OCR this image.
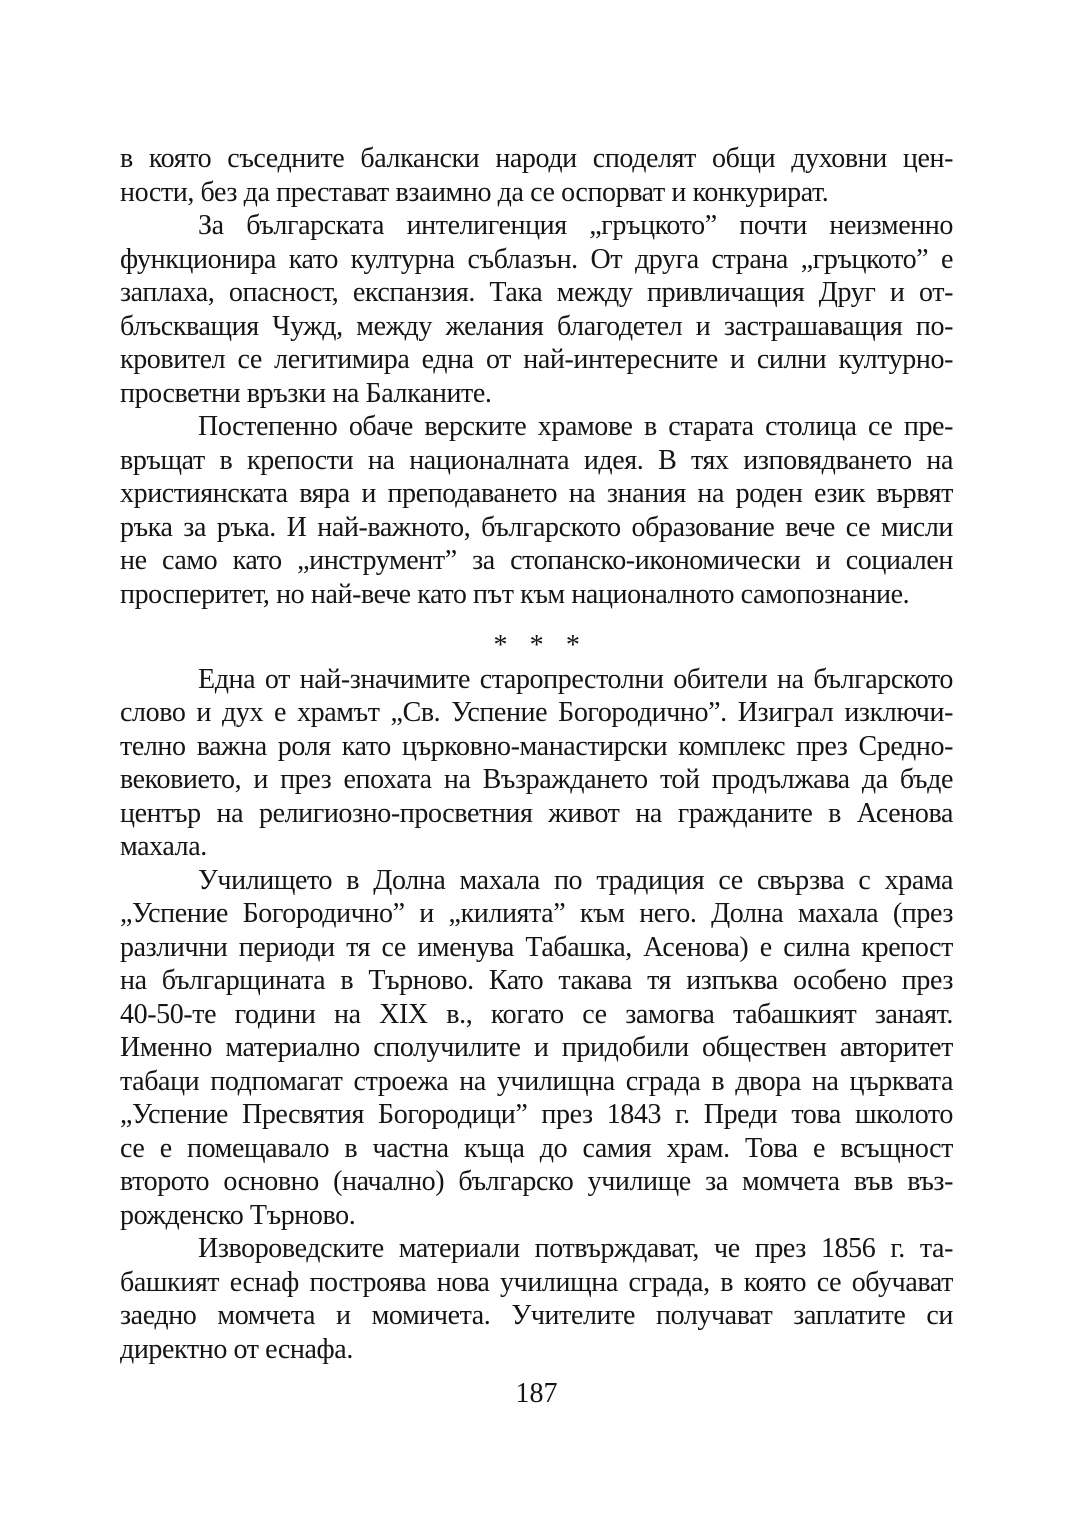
в която съседните балкански народи споделят общи духовни цен-
ности, без да престават взаимно да се оспорват и конкурират.
За българската интелигенция „гръцкото” почти неизменно
функционира като културна съблазън. От друга страна „гръцкото” е
заплаха, опасност, експанзия. Така между привличащия Друг и от-
блъскващия Чужд, между желания благодетел и застрашаващия по-
кровител се легитимира една от най-интересните и силни културно-
просветни връзки на Балканите.
Постепенно обаче верските храмове в старата столица се пре-
връщат в крепости на националната идея. В тях изповядването на
християнската вяра и преподаването на знания на роден език вървят
ръка за ръка. И най-важното, българското образование вече се мисли
не само като „инструмент” за стопанско-икономически и социален
просперитет, но най-вече като път към националното самопознание.
* * *
Една от най-значимите старопрестолни обители на българското
слово и дух е храмът „Св. Успение Богородично”. Изиграл изключи-
телно важна роля като църковно-манастирски комплекс през Средно-
вековието, и през епохата на Възраждането той продължава да бъде
център на религиозно-просветния живот на гражданите в Асенова
махала.
Училището в Долна махала по традиция се свързва с храма
„Успение Богородично” и „килията” към него. Долна махала (през
различни периоди тя се именува Табашка, Асенова) е силна крепост
на българщината в Търново. Като такава тя изпъква особено през
40-50-те години на XIX в., когато се замогва табашкият занаят.
Именно материално сполучилите и придобили обществен авторитет
табаци подпомагат строежа на училищна сграда в двора на църквата
„Успение Пресвятия Богородици” през 1843 г. Преди това школото
се е помещавало в частна къща до самия храм. Това е всъщност
второто основно (начално) българско училище за момчета във въз-
рожденско Търново.
Извороведските материали потвърждават, че през 1856 г. та-
башкият еснаф построява нова училищна сграда, в която се обучават
заедно момчета и момичета. Учителите получават заплатите си
директно от еснафа.
187
